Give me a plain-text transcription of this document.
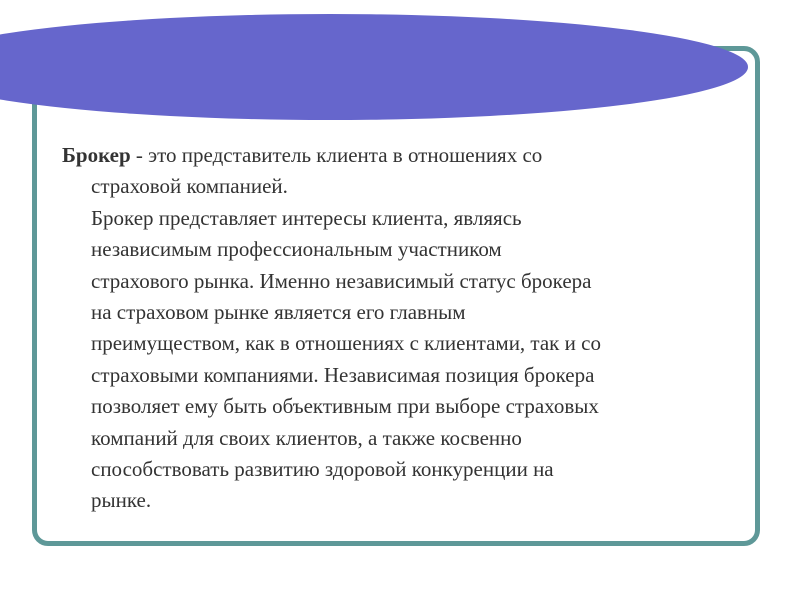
Брокер - это представитель клиента в отношениях со
страховой компанией.
Брокер представляет интересы клиента, являясь
независимым профессиональным участником
страхового рынка. Именно независимый статус брокера
на страховом рынке является его главным
преимуществом, как в отношениях с клиентами, так и со
страховыми компаниями. Независимая позиция брокера
позволяет ему быть объективным при выборе страховых
компаний для своих клиентов, а также косвенно
способствовать развитию здоровой конкуренции на
рынке.
